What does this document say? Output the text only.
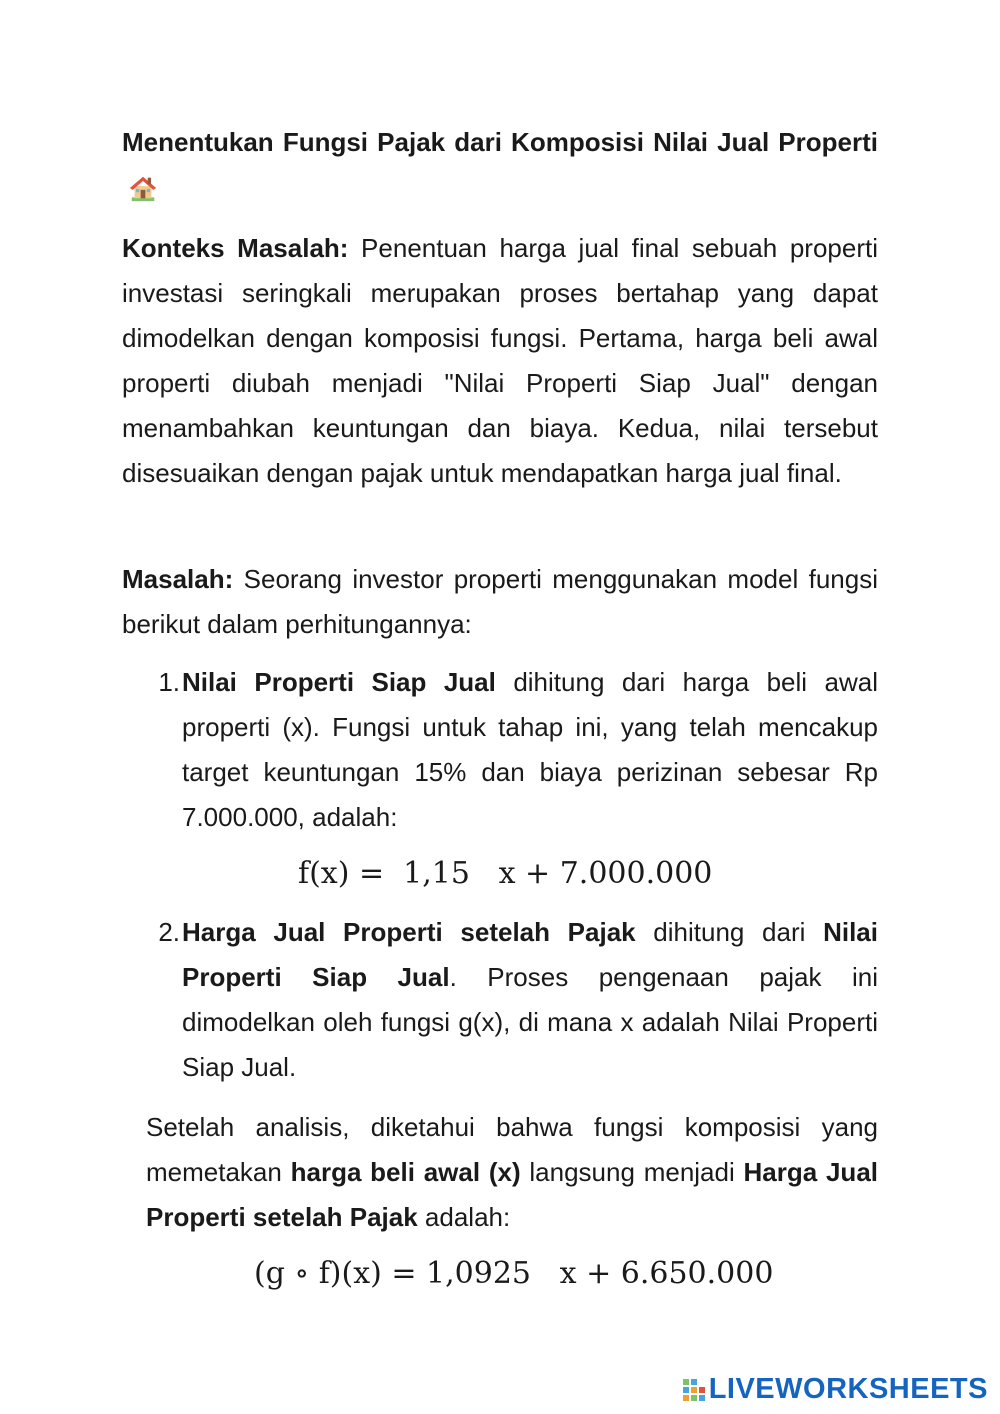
Menentukan Fungsi Pajak dari Komposisi Nilai Jual Properti
Konteks Masalah: Penentuan harga jual final sebuah properti investasi seringkali merupakan proses bertahap yang dapat dimodelkan dengan komposisi fungsi. Pertama, harga beli awal properti diubah menjadi "Nilai Properti Siap Jual" dengan menambahkan keuntungan dan biaya. Kedua, nilai tersebut disesuaikan dengan pajak untuk mendapatkan harga jual final.
Masalah: Seorang investor properti menggunakan model fungsi berikut dalam perhitungannya:
1. Nilai Properti Siap Jual dihitung dari harga beli awal properti (x). Fungsi untuk tahap ini, yang telah mencakup target keuntungan 15% dan biaya perizinan sebesar Rp 7.000.000, adalah:
2. Harga Jual Properti setelah Pajak dihitung dari Nilai Properti Siap Jual. Proses pengenaan pajak ini dimodelkan oleh fungsi g(x), di mana x adalah Nilai Properti Siap Jual.
f(x) =  1,15   x + 7.000.000
Setelah analisis, diketahui bahwa fungsi komposisi yang memetakan harga beli awal (x) langsung menjadi Harga Jual Properti setelah Pajak adalah:
(g ∘ f)(x) = 1,0925   x + 6.650.000
LIVEWORKSHEETS
